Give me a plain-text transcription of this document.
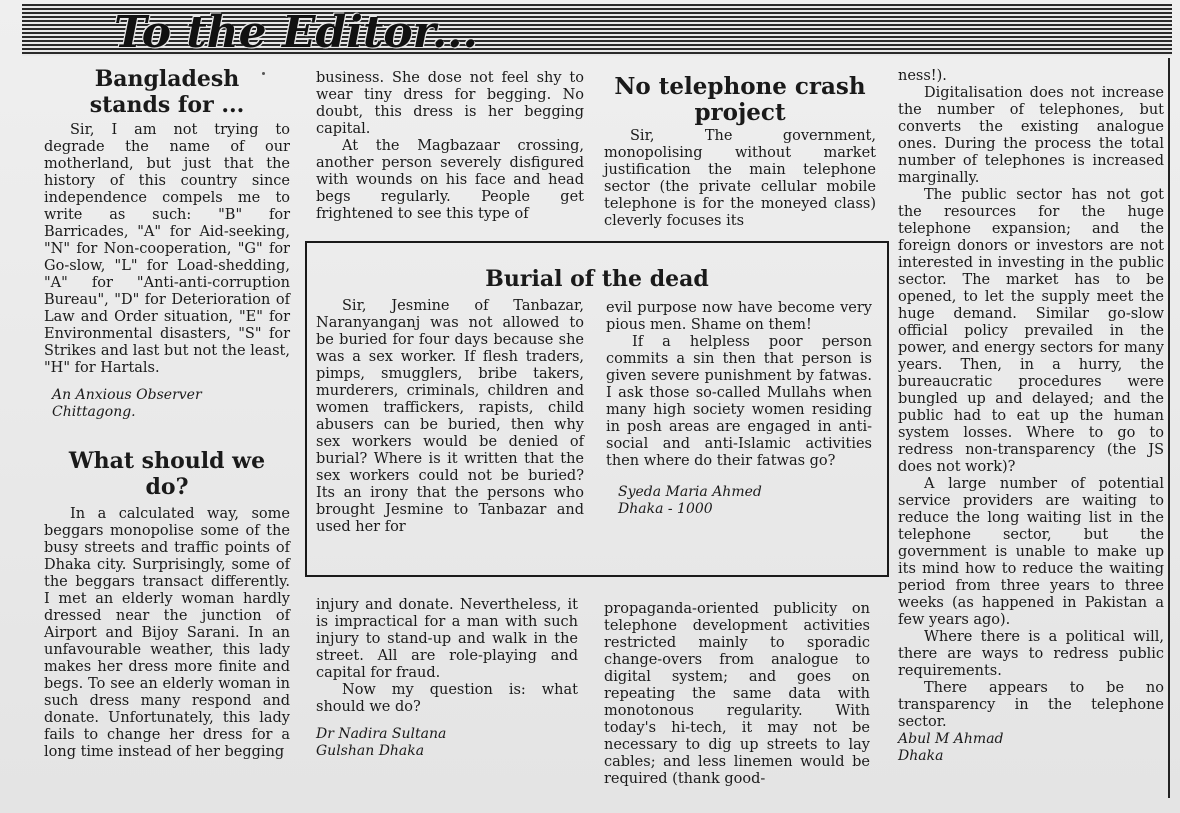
To the Editor...
Bangladesh
stands for ...

Sir, I am not trying to degrade the name of our motherland, but just that the history of this country since independence compels me to write as such: "B" for Barricades, "A" for Aid-seeking, "N" for Non-cooperation, "G" for Go-slow, "L" for Load-shedding, "A" for "Anti-anti-corruption Bureau", "D" for Deterioration of Law and Order situation, "E" for Environmental disasters, "S" for Strikes and last but not the least, "H" for Hartals.

An Anxious Observer
Chittagong.
What should we
do?

In a calculated way, some beggars monopolise some of the busy streets and traffic points of Dhaka city. Surprisingly, some of the beggars transact differently. I met an elderly woman hardly dressed near the junction of Airport and Bijoy Sarani. In an unfavourable weather, this lady makes her dress more finite and begs. To see an elderly woman in such dress many respond and donate. Unfortunately, this lady fails to change her dress for a long time instead of her begging

business. She dose not feel shy to wear tiny dress for begging. No doubt, this dress is her begging capital.

At the Magbazaar crossing, another person severely disfigured with wounds on his face and head begs regularly. People get frightened to see this type of

injury and donate. Nevertheless, it is impractical for a man with such injury to stand-up and walk in the street. All are role-playing and capital for fraud.

Now my question is: what should we do?

Dr Nadira Sultana
Gulshan Dhaka
No telephone crash
project

Sir, The government, monopolising without market justification the main telephone sector (the private cellular mobile telephone is for the moneyed class) cleverly focuses its

propaganda-oriented publicity on telephone development activities restricted mainly to sporadic change-overs from analogue to digital system; and goes on repeating the same data with monotonous regularity. With today's hi-tech, it may not be necessary to dig up streets to lay cables; and less linemen would be required (thank good-

ness!).

Digitalisation does not increase the number of telephones, but converts the existing analogue ones. During the process the total number of telephones is increased marginally.

The public sector has not got the resources for the huge telephone expansion; and the foreign donors or investors are not interested in investing in the public sector. The market has to be opened, to let the supply meet the huge demand. Similar go-slow official policy prevailed in the power, and energy sectors for many years. Then, in a hurry, the bureaucratic procedures were bungled up and delayed; and the public had to eat up the human system losses. Where to go to redress non-transparency (the JS does not work)?

A large number of potential service providers are waiting to reduce the long waiting list in the telephone sector, but the government is unable to make up its mind how to reduce the waiting period from three years to three weeks (as happened in Pakistan a few years ago).

Where there is a political will, there are ways to redress public requirements.

There appears to be no transparency in the telephone sector.

Abul M Ahmad
Dhaka
Burial of the dead

Sir, Jesmine of Tanbazar, Naranyanganj was not allowed to be buried for four days because she was a sex worker. If flesh traders, pimps, smugglers, bribe takers, murderers, criminals, children and women traffickers, rapists, child abusers can be buried, then why sex workers would be denied of burial? Where is it written that the sex workers could not be buried? Its an irony that the persons who brought Jesmine to Tanbazar and used her for

evil purpose now have become very pious men. Shame on them!

If a helpless poor person commits a sin then that person is given severe punishment by fatwas. I ask those so-called Mullahs when many high society women residing in posh areas are engaged in anti-social and anti-Islamic activities then where do their fatwas go?

Syeda Maria Ahmed
Dhaka - 1000
